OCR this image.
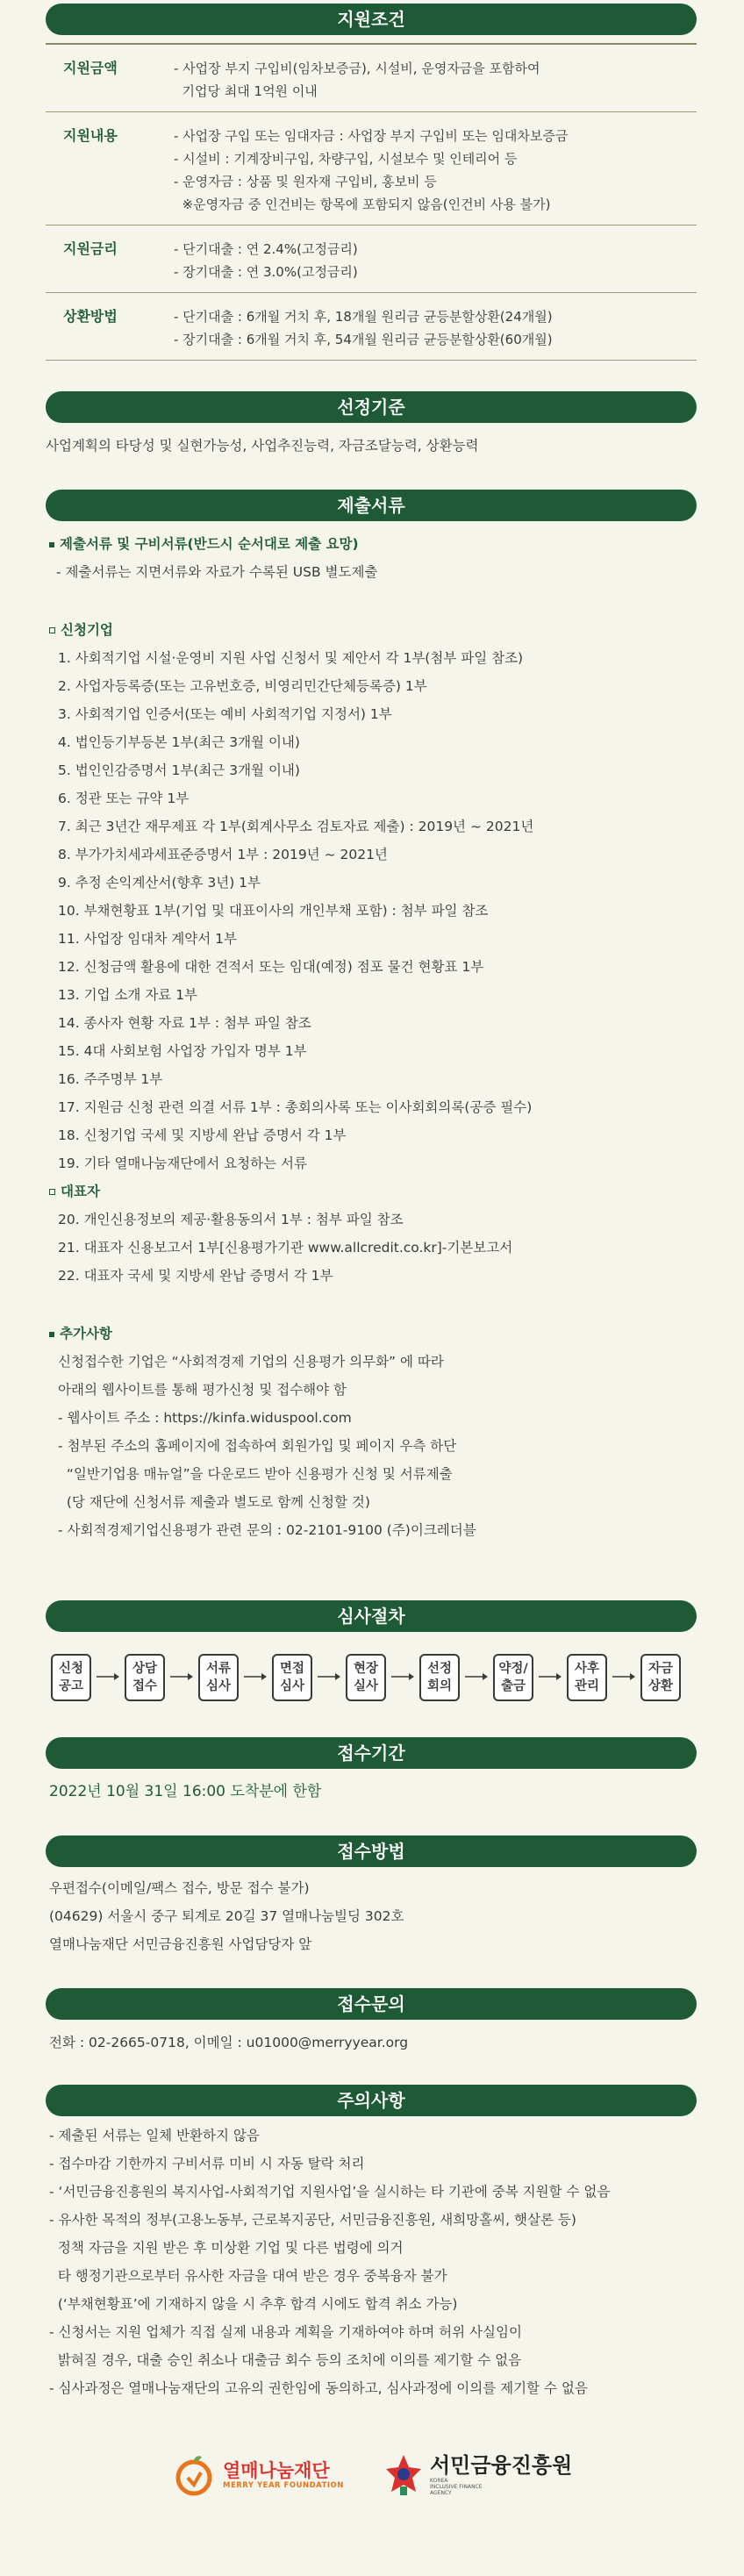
지원조건
지원금액	- 사업장 부지 구입비(임차보증금), 시설비, 운영자금을 포함하여
기업당 최대 1억원 이내
지원내용	- 사업장 구입 또는 임대자금 : 사업장 부지 구입비 또는 임대차보증금
- 시설비 : 기계장비구입, 차량구입, 시설보수 및 인테리어 등
- 운영자금 : 상품 및 원자재 구입비, 홍보비 등
※운영자금 중 인건비는 항목에 포함되지 않음(인건비 사용 불가)
지원금리	- 단기대출 : 연 2.4%(고정금리)
- 장기대출 : 연 3.0%(고정금리)
상환방법	- 단기대출 : 6개월 거치 후, 18개월 원리금 균등분할상환(24개월)
- 장기대출 : 6개월 거치 후, 54개월 원리금 균등분할상환(60개월)
선정기준
사업계획의 타당성 및 실현가능성, 사업추진능력, 자금조달능력, 상환능력
제출서류
제출서류 및 구비서류(반드시 순서대로 제출 요망)
- 제출서류는 지면서류와 자료가 수록된 USB 별도제출
신청기업
1. 사회적기업 시설·운영비 지원 사업 신청서 및 제안서 각 1부(첨부 파일 참조)
2. 사업자등록증(또는 고유번호증, 비영리민간단체등록증) 1부
3. 사회적기업 인증서(또는 예비 사회적기업 지정서) 1부
4. 법인등기부등본 1부(최근 3개월 이내)
5. 법인인감증명서 1부(최근 3개월 이내)
6. 정관 또는 규약 1부
7. 최근 3년간 재무제표 각 1부(회계사무소 검토자료 제출) : 2019년 ~ 2021년
8. 부가가치세과세표준증명서 1부 : 2019년 ~ 2021년
9. 추정 손익계산서(향후 3년) 1부
10. 부채현황표 1부(기업 및 대표이사의 개인부채 포함) : 첨부 파일 참조
11. 사업장 임대차 계약서 1부
12. 신청금액 활용에 대한 견적서 또는 임대(예정) 점포 물건 현황표 1부
13. 기업 소개 자료 1부
14. 종사자 현황 자료 1부 : 첨부 파일 참조
15. 4대 사회보험 사업장 가입자 명부 1부
16. 주주명부 1부
17. 지원금 신청 관련 의결 서류 1부 : 총회의사록 또는 이사회회의록(공증 필수)
18. 신청기업 국세 및 지방세 완납 증명서 각 1부
19. 기타 열매나눔재단에서 요청하는 서류
대표자
20. 개인신용정보의 제공·활용동의서 1부 : 첨부 파일 참조
21. 대표자 신용보고서 1부[신용평가기관 www.allcredit.co.kr]-기본보고서
22. 대표자 국세 및 지방세 완납 증명서 각 1부
추가사항
신청접수한 기업은 “사회적경제 기업의 신용평가 의무화” 에 따라
아래의 웹사이트를 통해 평가신청 및 접수해야 함
- 웹사이트 주소 : https://kinfa.widuspool.com
- 첨부된 주소의 홈페이지에 접속하여 회원가입 및 페이지 우측 하단
“일반기업용 매뉴얼”을 다운로드 받아 신용평가 신청 및 서류제출
(당 재단에 신청서류 제출과 별도로 함께 신청할 것)
- 사회적경제기업신용평가 관련 문의 : 02-2101-9100 (주)이크레더블
심사절차
신청
공고
상담
접수
서류
심사
면접
심사
현장
실사
선정
회의
약정/
출금
사후
관리
자금
상환
접수기간
2022년 10월 31일 16:00 도착분에 한함
접수방법
우편접수(이메일/팩스 접수, 방문 접수 불가)
(04629) 서울시 중구 퇴계로 20길 37 열매나눔빌딩 302호
열매나눔재단 서민금융진흥원 사업담당자 앞
접수문의
전화 : 02-2665-0718, 이메일 : u01000@merryyear.org
주의사항
- 제출된 서류는 일체 반환하지 않음
- 접수마감 기한까지 구비서류 미비 시 자동 탈락 처리
- ‘서민금융진흥원의 복지사업-사회적기업 지원사업’을 실시하는 타 기관에 중복 지원할 수 없음
- 유사한 목적의 정부(고용노동부, 근로복지공단, 서민금융진흥원, 새희망홀씨, 햇살론 등)
정책 자금을 지원 받은 후 미상환 기업 및 다른 법령에 의거
타 행정기관으로부터 유사한 자금을 대여 받은 경우 중복융자 불가
(‘부채현황표’에 기재하지 않을 시 추후 합격 시에도 합격 취소 가능)
- 신청서는 지원 업체가 직접 실제 내용과 계획을 기재하여야 하며 허위 사실임이
밝혀질 경우, 대출 승인 취소나 대출금 회수 등의 조치에 이의를 제기할 수 없음
- 심사과정은 열매나눔재단의 고유의 권한임에 동의하고, 심사과정에 이의를 제기할 수 없음
열매나눔재단
MERRY YEAR FOUNDATION
서민금융진흥원
KOREA
INCLUSIVE FINANCE
AGENCY
